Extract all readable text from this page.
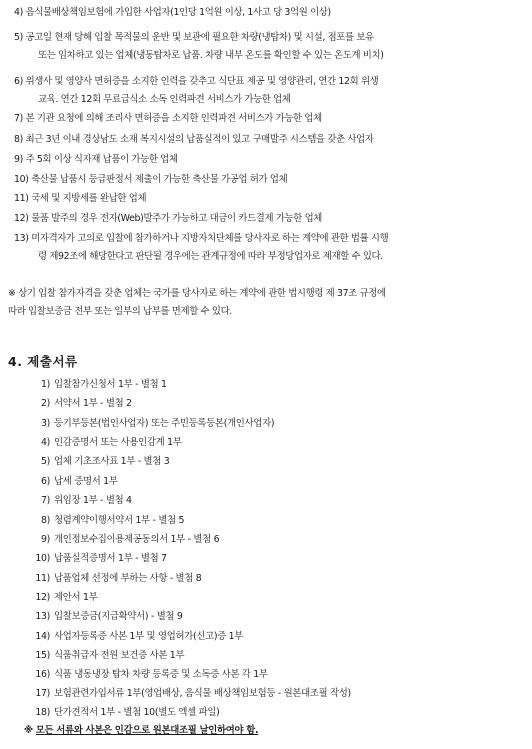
4) 음식물배상책임보험에 가입한 사업자(1인당 1억원 이상, 1사고 당 3억원 이상)
5) 공고일 현재 당해 입찰 목적물의 운반 및 보관에 필요한 차량(냉탑차) 및 시설, 점포를 보유
또는 임차하고 있는 업체(냉동탑차로 납품. 차량 내부 온도를 확인할 수 있는 온도계 비치)
6) 위생사 및 영양사 면허증을 소지한 인력을 갖추고 식단표 제공 및 영양관리, 연간 12회 위생
교육. 연간 12회 무료급식소 소독 인력파견 서비스가 가능한 업체
7) 본 기관 요청에 의해 조리사 면허증을 소지한 인력파견 서비스가 가능한 업체
8) 최근 3년 이내 경상남도 소재 복지시설의 납품실적이 있고 구매발주 시스템을 갖춘 사업자
9) 주 5회 이상 식자재 납품이 가능한 업체
10) 축산물 납품시 등급판정서 제출이 가능한 축산물 가공업 허가 업체
11) 국세 및 지방세를 완납한 업체
12) 물품 발주의 경우 전자(Web)발주가 가능하고 대금이 카드결제 가능한 업체
13) 미자격자가 고의로 입찰에 참가하거나 지방자치단체를 당사자로 하는 계약에 관한 법률 시행
령 제92조에 해당한다고 판단될 경우에는 관계규정에 따라 부정당업자로 제재할 수 있다.
※ 상기 입찰 참가자격을 갖춘 업체는 국가를 당사자로 하는 계약에 관한 법시행령 제 37조 규정에
따라 입찰보증금 전부 또는 일부의 납부를 면제할 수 있다.
4. 제출서류
1) 입찰참가신청서 1부 - 별첨 1
2) 서약서 1부 - 별첨 2
3) 등기부등본(법인사업자) 또는 주민등록등본(개인사업자)
4) 인감증명서 또는 사용인감계 1부
5) 업체 기초조사표 1부 - 별첨 3
6) 납세 증명서 1부
7) 위임장 1부 - 별첨 4
8) 청렴계약이행서약서 1부 - 별첨 5
9) 개인정보수집이용제공동의서 1부 - 별첨 6
10) 납품실적증명서 1부 - 별첨 7
11) 납품업체 선정에 부하는 사항 - 별첨 8
12) 제안서 1부
13) 입찰보증금(지급확약서) - 별첨 9
14) 사업자등록증 사본 1부 및 영업허가(신고)증 1부
15) 식품취급자 전원 보건증 사본 1부
16) 식품 냉동냉장 탑차 차량 등록증 및 소독증 사본 각 1부
17) 보험관련가입서류 1부(영업배상, 음식물 배상책임보험등 - 원본대조필 작성)
18) 단가견적서 1부 - 별첨 10(별도 엑셀 파일)
※ 모든 서류와 사본은 인감으로 원본대조필 날인하여야 함.
